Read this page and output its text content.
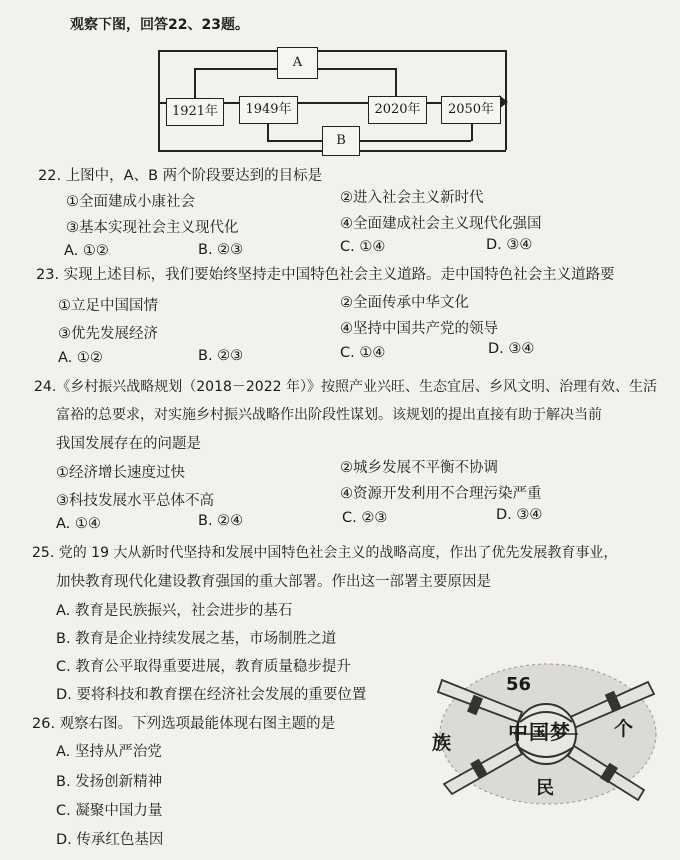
观察下图，回答22、23题。
A
B
1921年	1949年	2020年	2050年
22. 上图中，A、B 两个阶段要达到的目标是
①全面建成小康社会	②进入社会主义新时代
③基本实现社会主义现代化	④全面建成社会主义现代化强国
A. ①②	B. ②③	C. ①④	D. ③④
23. 实现上述目标，我们要始终坚持走中国特色社会主义道路。走中国特色社会主义道路要
①立足中国国情	②全面传承中华文化
③优先发展经济	④坚持中国共产党的领导
A. ①②	B. ②③	C. ①④	D. ③④
24.《乡村振兴战略规划（2018－2022 年）》按照产业兴旺、生态宜居、乡风文明、治理有效、生活
富裕的总要求，对实施乡村振兴战略作出阶段性谋划。该规划的提出直接有助于解决当前
我国发展存在的问题是
①经济增长速度过快	②城乡发展不平衡不协调
③科技发展水平总体不高	④资源开发利用不合理污染严重
A. ①④	B. ②④	C. ②③	D. ③④
25. 党的 19 大从新时代坚持和发展中国特色社会主义的战略高度，作出了优先发展教育事业，
加快教育现代化建设教育强国的重大部署。作出这一部署主要原因是
A. 教育是民族振兴，社会进步的基石
B. 教育是企业持续发展之基，市场制胜之道
C. 教育公平取得重要进展，教育质量稳步提升
D. 要将科技和教育摆在经济社会发展的重要位置
26. 观察右图。下列选项最能体现右图主题的是
A. 坚持从严治党
B. 发扬创新精神
C. 凝聚中国力量
D. 传承红色基因
56
族	中国梦 个
民
